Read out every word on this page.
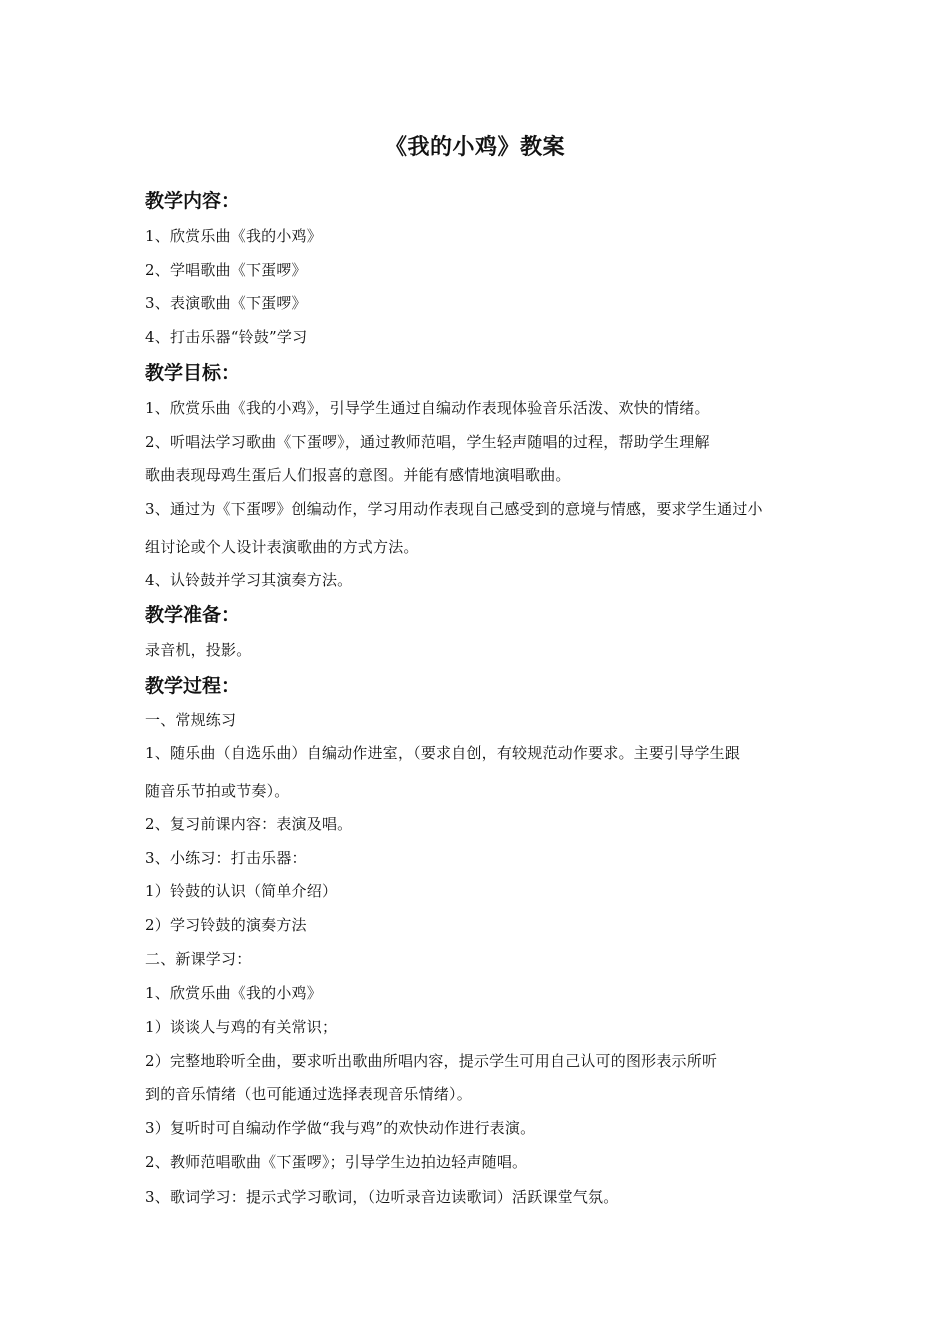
《我的小鸡》教案
教学内容：
1、欣赏乐曲《我的小鸡》
2、学唱歌曲《下蛋啰》
3、表演歌曲《下蛋啰》
4、打击乐器“铃鼓”学习
教学目标：
1、欣赏乐曲《我的小鸡》，引导学生通过自编动作表现体验音乐活泼、欢快的情绪。
2、听唱法学习歌曲《下蛋啰》，通过教师范唱，学生轻声随唱的过程，帮助学生理解
歌曲表现母鸡生蛋后人们报喜的意图。并能有感情地演唱歌曲。
3、通过为《下蛋啰》创编动作，学习用动作表现自己感受到的意境与情感，要求学生通过小
组讨论或个人设计表演歌曲的方式方法。
4、认铃鼓并学习其演奏方法。
教学准备：
录音机，投影。
教学过程：
一、常规练习
1、随乐曲（自选乐曲）自编动作进室，（要求自创，有较规范动作要求。主要引导学生跟
随音乐节拍或节奏）。
2、复习前课内容：表演及唱。
3、小练习：打击乐器：
1）铃鼓的认识（简单介绍）
2）学习铃鼓的演奏方法
二、新课学习：
1、欣赏乐曲《我的小鸡》
1）谈谈人与鸡的有关常识；
2）完整地聆听全曲，要求听出歌曲所唱内容，提示学生可用自己认可的图形表示所听
到的音乐情绪（也可能通过选择表现音乐情绪）。
3）复听时可自编动作学做“我与鸡”的欢快动作进行表演。
2、教师范唱歌曲《下蛋啰》；引导学生边拍边轻声随唱。
3、歌词学习：提示式学习歌词，（边听录音边读歌词）活跃课堂气氛。
